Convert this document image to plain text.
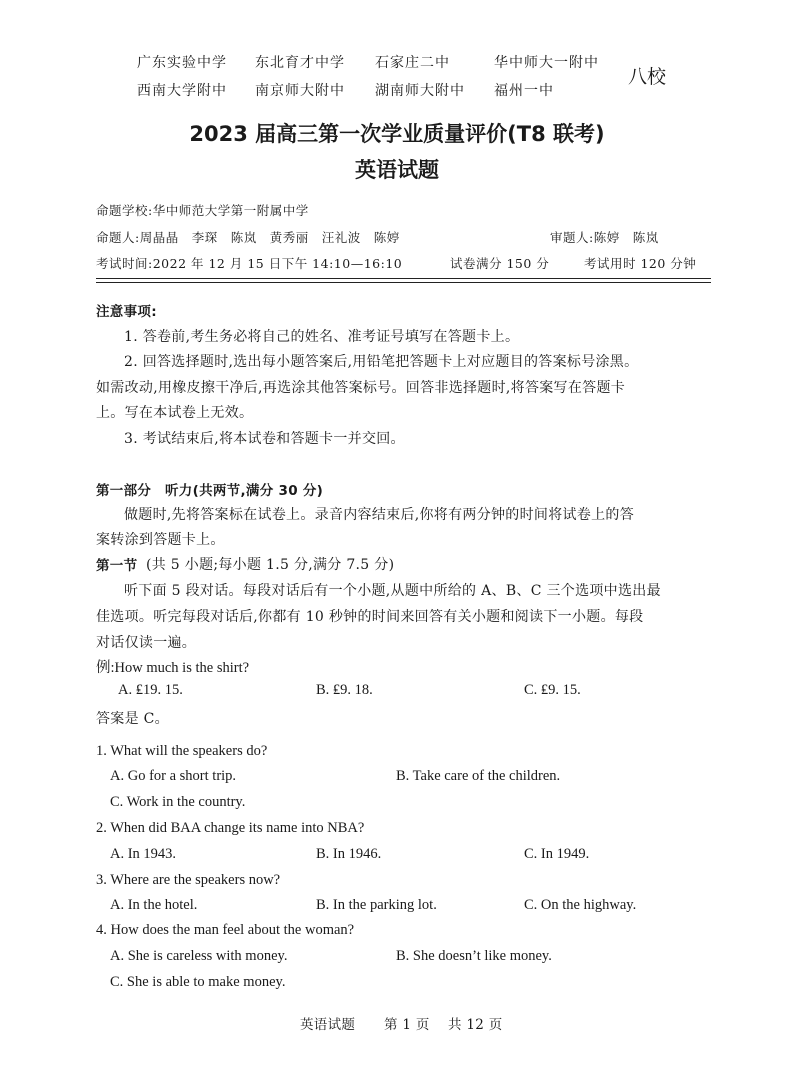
广东实验中学 东北育才中学 石家庄二中	华中师大一附中
西南大学附中 南京师大附中 湖南师大附中 福州一中
八校
2023 届高三第一次学业质量评价(T8 联考)
英语试题
命题学校:华中师范大学第一附属中学
命题人:周晶晶　李琛　陈岚　黄秀丽　汪礼波　陈婷	审题人:陈婷　陈岚
考试时间:2022 年 12 月 15 日下午 14:10—16:10	试卷满分 150 分	考试用时 120 分钟
注意事项:
1. 答卷前,考生务必将自己的姓名、准考证号填写在答题卡上。
2. 回答选择题时,选出每小题答案后,用铅笔把答题卡上对应题目的答案标号涂黑。
如需改动,用橡皮擦干净后,再选涂其他答案标号。回答非选择题时,将答案写在答题卡
上。写在本试卷上无效。
3. 考试结束后,将本试卷和答题卡一并交回。
第一部分　听力(共两节,满分 30 分)
做题时,先将答案标在试卷上。录音内容结束后,你将有两分钟的时间将试卷上的答
案转涂到答题卡上。
第一节 (共 5 小题;每小题 1.5 分,满分 7.5 分)
听下面 5 段对话。每段对话后有一个小题,从题中所给的 A、B、C 三个选项中选出最
佳选项。听完每段对话后,你都有 10 秒钟的时间来回答有关小题和阅读下一小题。每段
对话仅读一遍。
例:How much is the shirt?
A. ₤19. 15.	B. ₤9. 18.	C. ₤9. 15.
答案是 C。
1. What will the speakers do?
A. Go for a short trip.	B. Take care of the children.
C. Work in the country.
2. When did BAA change its name into NBA?
A. In 1943.	B. In 1946.	C. In 1949.
3. Where are the speakers now?
A. In the hotel.	B. In the parking lot.	C. On the highway.
4. How does the man feel about the woman?
A. She is careless with money.	B. She doesn’t like money.
C. She is able to make money.
英语试题 第 1 页 共 12 页
